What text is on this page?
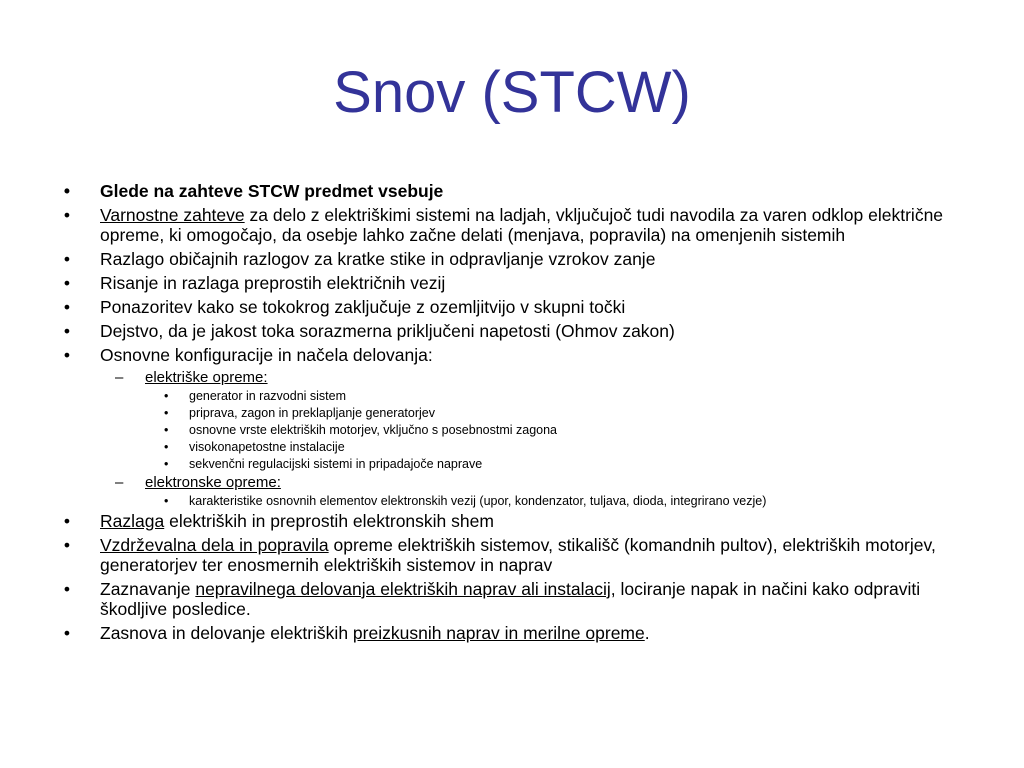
Snov (STCW)
• Glede na zahteve STCW predmet vsebuje
• Varnostne zahteve za delo z elektriškimi sistemi na ladjah, vključujoč tudi navodila za varen odklop električne opreme, ki omogočajo, da osebje lahko začne delati (menjava, popravila) na omenjenih sistemih
• Razlago običajnih razlogov za kratke stike in odpravljanje vzrokov zanje
• Risanje in razlaga preprostih električnih vezij
• Ponazoritev kako se tokokrog zaključuje z ozemljitvijo v skupni točki
• Dejstvo, da je jakost toka sorazmerna priključeni napetosti (Ohmov zakon)
• Osnovne konfiguracije in načela delovanja:
– elektriške opreme:
• generator in razvodni sistem
• priprava, zagon in preklapljanje generatorjev
• osnovne vrste elektriških motorjev, vključno s posebnostmi zagona
• visokonapetostne instalacije
• sekvenčni regulacijski sistemi in pripadajoče naprave
– elektronske opreme:
• karakteristike osnovnih elementov elektronskih vezij (upor, kondenzator, tuljava, dioda, integrirano vezje)
• Razlaga elektriških in preprostih elektronskih shem
• Vzdrževalna dela in popravila opreme elektriških sistemov, stikališč (komandnih pultov), elektriških motorjev, generatorjev ter enosmernih elektriških sistemov in naprav
• Zaznavanje nepravilnega delovanja elektriških naprav ali instalacij, lociranje napak in načini kako odpraviti škodljive posledice.
• Zasnova in delovanje elektriških preizkusnih naprav in merilne opreme.
